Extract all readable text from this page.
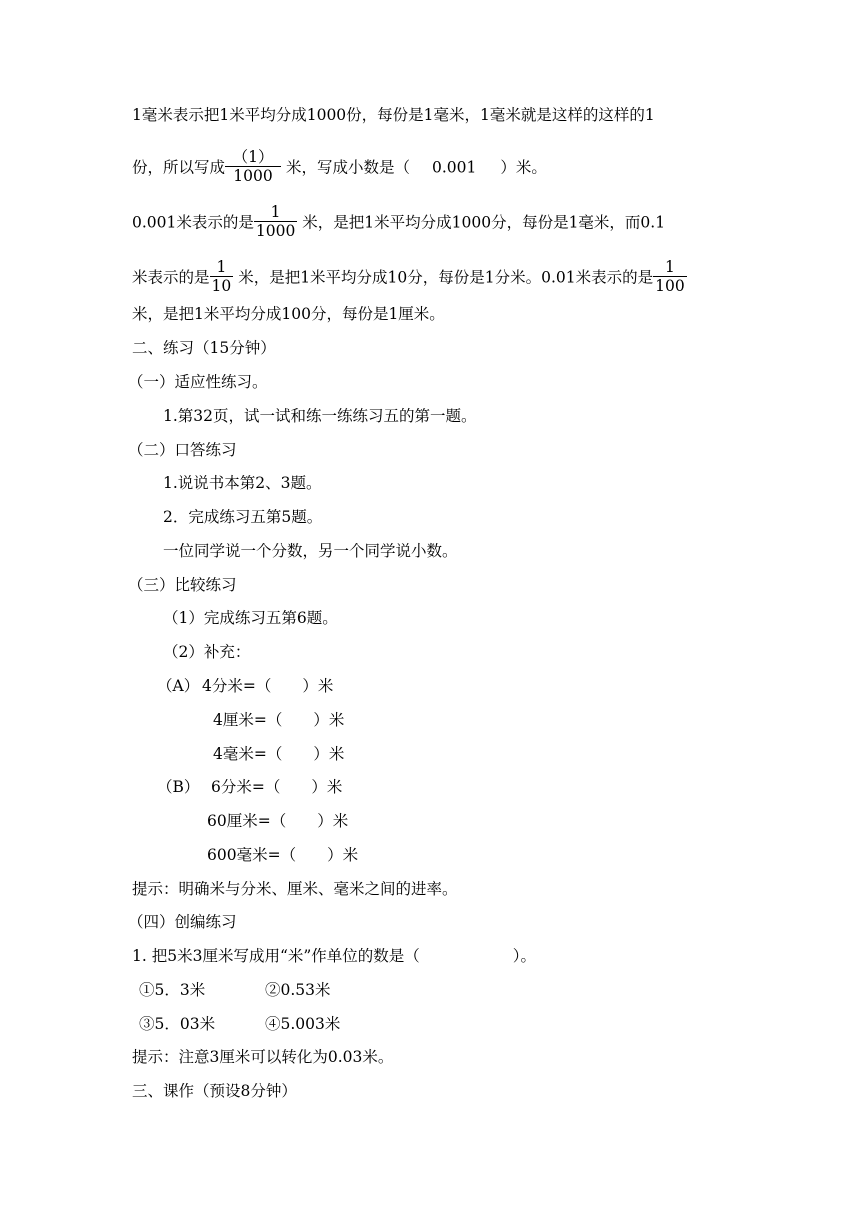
1毫米表示把1米平均分成1000份，每份是1毫米，1毫米就是这样的这样的1
份，所以写成 $\frac{(1)}{1000}$ 米，写成小数是（ 0.001 ）米。
0.001米表示的是 $\frac{1}{1000}$ 米，是把1米平均分成1000分，每份是1毫米，而0.1
米表示的是 $\frac{1}{10}$ 米，是把1米平均分成10分，每份是1分米。0.01米表示的是 $\frac{1}{100}$
米，是把1米平均分成100分，每份是1厘米。
二、练习（15分钟）
（一）适应性练习。
1.第32页，试一试和练一练练习五的第一题。
（二）口答练习
1.说说书本第2、3题。
2．完成练习五第5题。
一位同学说一个分数，另一个同学说小数。
（三）比较练习
（1）完成练习五第6题。
（2）补充：
（A） 4分米=（　　）米
4厘米=（　　）米
4毫米=（　　）米
（B） 6分米=（　　）米
60厘米=（　　）米
600毫米=（　　）米
提示：明确米与分米、厘米、毫米之间的进率。
（四）创编练习
1. 把5米3厘米写成用“米”作单位的数是（　　　　　　）。
①5．3米	②0.53米
③5．03米	④5.003米
提示：注意3厘米可以转化为0.03米。
三、课作（预设8分钟）
